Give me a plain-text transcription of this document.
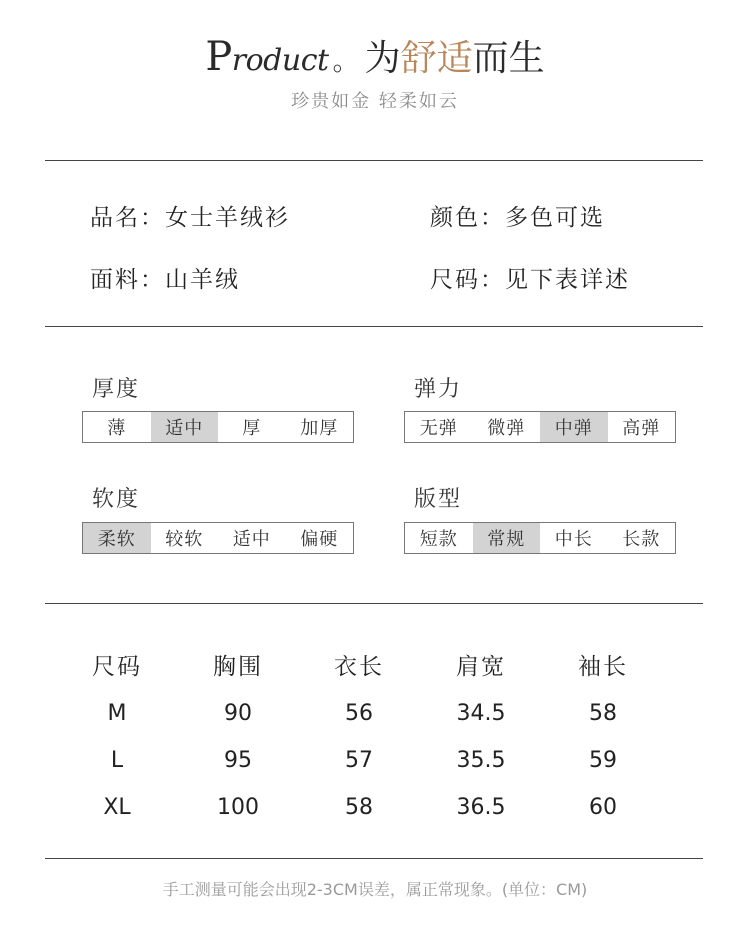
Product 。 为舒适而生
珍贵如金 轻柔如云
品名：女士羊绒衫	颜色：多色可选
面料：山羊绒	尺码：见下表详述
厚度
薄	适中	厚	加厚
弹力
无弹	微弹	中弹	高弹
软度
柔软	较软	适中	偏硬
版型
短款	常规	中长	长款
尺码	胸围	衣长	肩宽	袖长
M	90	56	34.5	58
L	95	57	35.5	59
XL	100	58	36.5	60
手工测量可能会出现2-3CM误差，属正常现象。(单位：CM)
